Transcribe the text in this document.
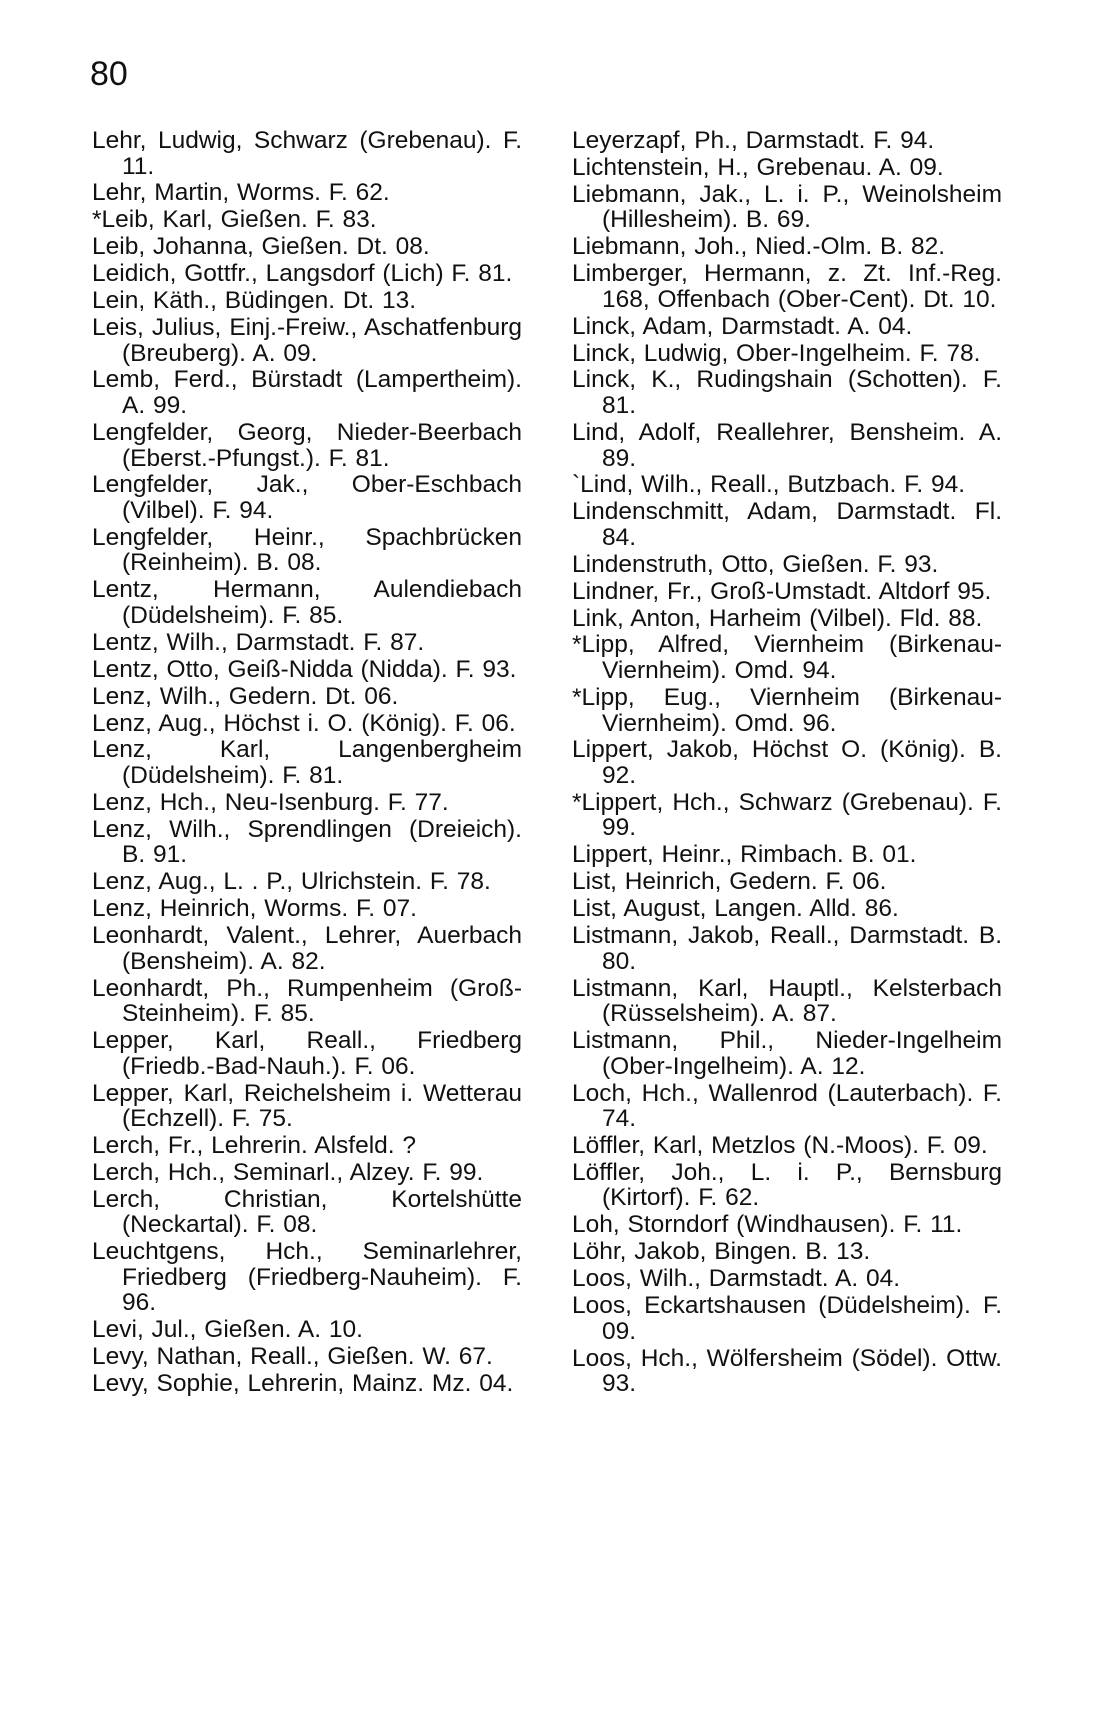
80

Lehr, Ludwig, Schwarz (Grebenau). F. 11.

Lehr, Martin, Worms. F. 62.

*Leib, Karl, Gießen. F. 83.

Leib, Johanna, Gießen. Dt. 08.

Leidich, Gottfr., Langsdorf (Lich) F. 81.

Lein, Käth., Büdingen. Dt. 13.

Leis, Julius, Einj.-Freiw., Aschatfenburg (Breuberg). A. 09.

Lemb, Ferd., Bürstadt (Lampertheim). A. 99.

Lengfelder, Georg, Nieder-Beerbach (Eberst.-Pfungst.). F. 81.

Lengfelder, Jak., Ober-Eschbach (Vilbel). F. 94.

Lengfelder, Heinr., Spachbrücken (Reinheim). B. 08.

Lentz, Hermann, Aulendiebach (Düdelsheim). F. 85.

Lentz, Wilh., Darmstadt. F. 87.

Lentz, Otto, Geiß-Nidda (Nidda). F. 93.

Lenz, Wilh., Gedern. Dt. 06.

Lenz, Aug., Höchst i. O. (König). F. 06.

Lenz, Karl, Langenbergheim (Düdelsheim). F. 81.

Lenz, Hch., Neu-Isenburg. F. 77.

Lenz, Wilh., Sprendlingen (Dreieich). B. 91.

Lenz, Aug., L. . P., Ulrichstein. F. 78.

Lenz, Heinrich, Worms. F. 07.

Leonhardt, Valent., Lehrer, Auerbach (Bensheim). A. 82.

Leonhardt, Ph., Rumpenheim (Groß-Steinheim). F. 85.

Lepper, Karl, Reall., Friedberg (Friedb.-Bad-Nauh.). F. 06.

Lepper, Karl, Reichelsheim i. Wetterau (Echzell). F. 75.

Lerch, Fr., Lehrerin. Alsfeld. ?

Lerch, Hch., Seminarl., Alzey. F. 99.

Lerch, Christian, Kortelshütte (Neckartal). F. 08.

Leuchtgens, Hch., Seminarlehrer, Friedberg (Friedberg-Nauheim). F. 96.

Levi, Jul., Gießen. A. 10.

Levy, Nathan, Reall., Gießen. W. 67.

Levy, Sophie, Lehrerin, Mainz. Mz. 04.

Leyerzapf, Ph., Darmstadt. F. 94.

Lichtenstein, H., Grebenau. A. 09.

Liebmann, Jak., L. i. P., Weinolsheim (Hillesheim). B. 69.

Liebmann, Joh., Nied.-Olm. B. 82.

Limberger, Hermann, z. Zt. Inf.-Reg. 168, Offenbach (Ober-Cent). Dt. 10.

Linck, Adam, Darmstadt. A. 04.

Linck, Ludwig, Ober-Ingelheim. F. 78.

Linck, K., Rudingshain (Schotten). F. 81.

Lind, Adolf, Reallehrer, Bensheim. A. 89.

`Lind, Wilh., Reall., Butzbach. F. 94.

Lindenschmitt, Adam, Darmstadt. Fl. 84.

Lindenstruth, Otto, Gießen. F. 93.

Lindner, Fr., Groß-Umstadt. Altdorf 95.

Link, Anton, Harheim (Vilbel). Fld. 88.

*Lipp, Alfred, Viernheim (Birkenau-Viernheim). Omd. 94.

*Lipp, Eug., Viernheim (Birkenau-Viernheim). Omd. 96.

Lippert, Jakob, Höchst O. (König). B. 92.

*Lippert, Hch., Schwarz (Grebenau). F. 99.

Lippert, Heinr., Rimbach. B. 01.

List, Heinrich, Gedern. F. 06.

List, August, Langen. Alld. 86.

Listmann, Jakob, Reall., Darmstadt. B. 80.

Listmann, Karl, Hauptl., Kelsterbach (Rüsselsheim). A. 87.

Listmann, Phil., Nieder-Ingelheim (Ober-Ingelheim). A. 12.

Loch, Hch., Wallenrod (Lauterbach). F. 74.

Löffler, Karl, Metzlos (N.-Moos). F. 09.

Löffler, Joh., L. i. P., Bernsburg (Kirtorf). F. 62.

Loh, Storndorf (Windhausen). F. 11.

Löhr, Jakob, Bingen. B. 13.

Loos, Wilh., Darmstadt. A. 04.

Loos, Eckartshausen (Düdelsheim). F. 09.

Loos, Hch., Wölfersheim (Södel). Ottw. 93.
